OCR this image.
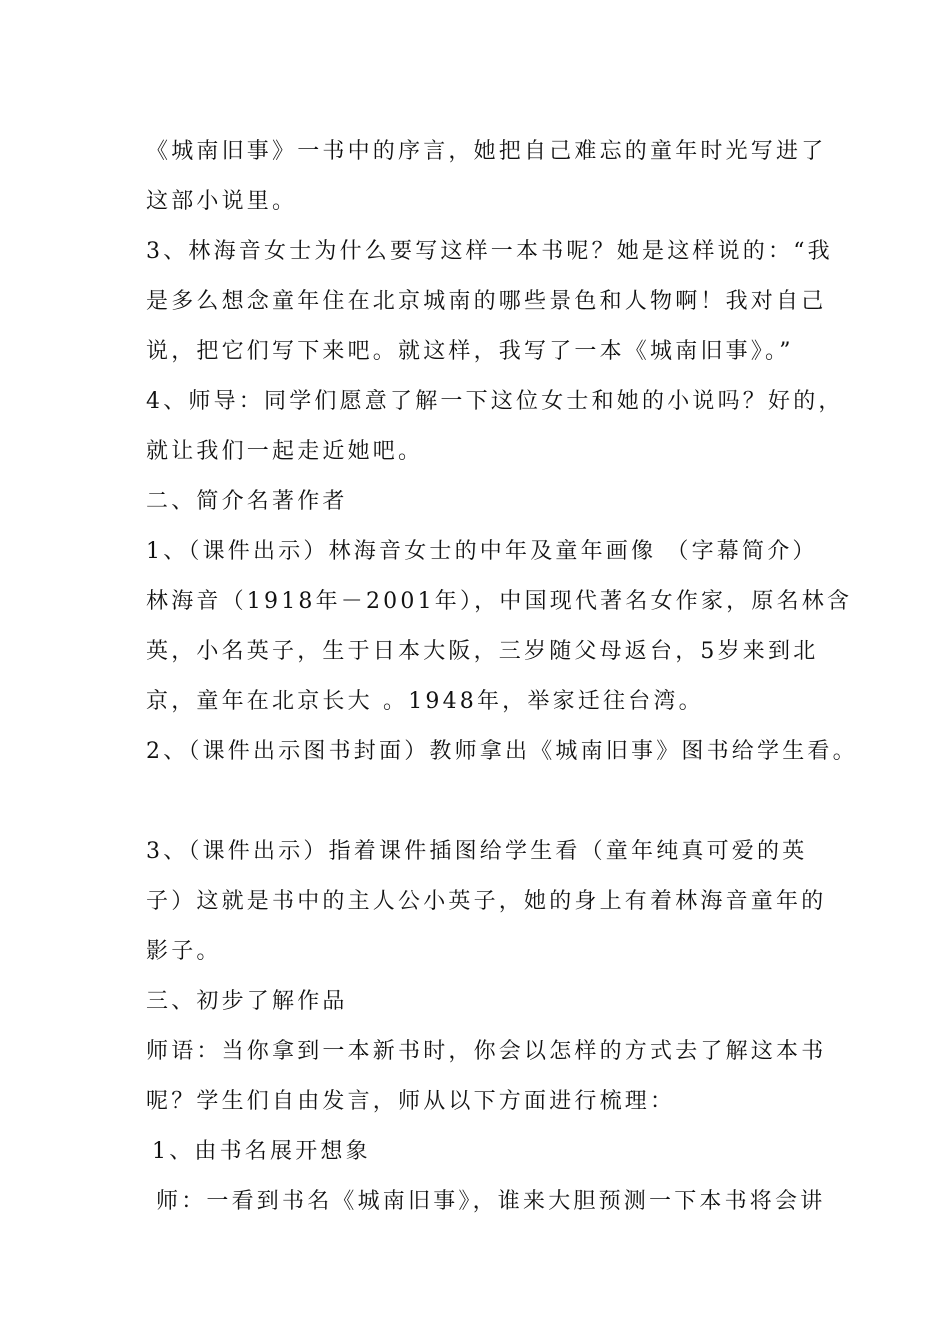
《城南旧事》一书中的序言，她把自己难忘的童年时光写进了
这部小说里。
3、林海音女士为什么要写这样一本书呢？她是这样说的：“我
是多么想念童年住在北京城南的哪些景色和人物啊！我对自己
说，把它们写下来吧。就这样，我写了一本《城南旧事》。”
4、师导：同学们愿意了解一下这位女士和她的小说吗？好的，
就让我们一起走近她吧。
二、简介名著作者
1、（课件出示）林海音女士的中年及童年画像 （字幕简介）
林海音（1918年－2001年），中国现代著名女作家，原名林含
英，小名英子，生于日本大阪，三岁随父母返台，5岁来到北
京，童年在北京长大 。1948年，举家迁往台湾。
2、（课件出示图书封面）教师拿出《城南旧事》图书给学生看。
3、（课件出示）指着课件插图给学生看（童年纯真可爱的英
子）这就是书中的主人公小英子，她的身上有着林海音童年的
影子。
三、初步了解作品
师语：当你拿到一本新书时，你会以怎样的方式去了解这本书
呢？学生们自由发言，师从以下方面进行梳理：
1、由书名展开想象
师：一看到书名《城南旧事》，谁来大胆预测一下本书将会讲
